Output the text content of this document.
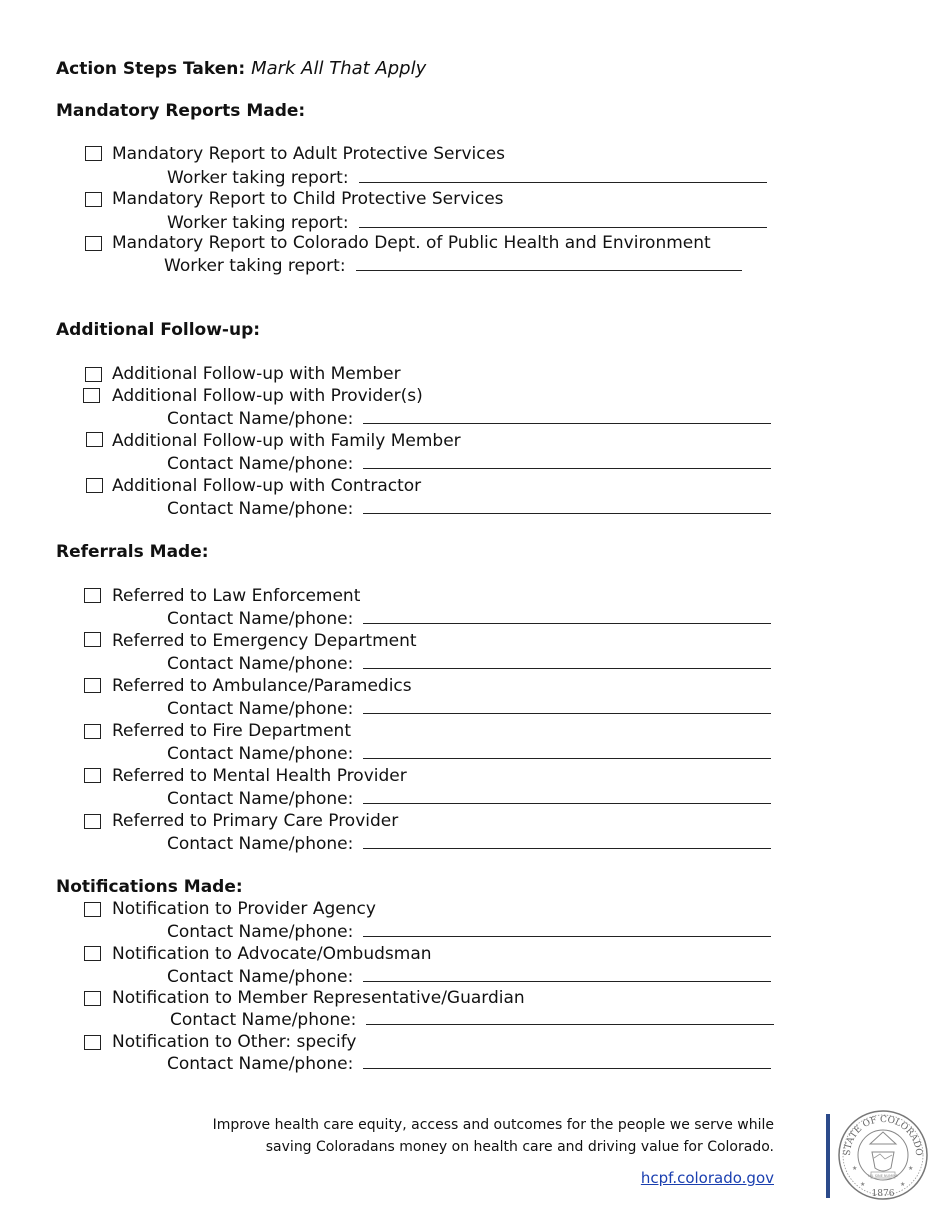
Action Steps Taken: Mark All That Apply
Mandatory Reports Made:
Mandatory Report to Adult Protective Services
Worker taking report:
Mandatory Report to Child Protective Services
Worker taking report:
Mandatory Report to Colorado Dept. of Public Health and Environment
Worker taking report:
Additional Follow-up:
Additional Follow-up with Member
Additional Follow-up with Provider(s)
Contact Name/phone:
Additional Follow-up with Family Member
Contact Name/phone:
Additional Follow-up with Contractor
Contact Name/phone:
Referrals Made:
Referred to Law Enforcement
Contact Name/phone:
Referred to Emergency Department
Contact Name/phone:
Referred to Ambulance/Paramedics
Contact Name/phone:
Referred to Fire Department
Contact Name/phone:
Referred to Mental Health Provider
Contact Name/phone:
Referred to Primary Care Provider
Contact Name/phone:
Notifications Made:
Notification to Provider Agency
Contact Name/phone:
Notification to Advocate/Ombudsman
Contact Name/phone:
Notification to Member Representative/Guardian
Contact Name/phone:
Notification to Other: specify
Contact Name/phone:
Improve health care equity, access and outcomes for the people we serve while
saving Coloradans money on health care and driving value for Colorado.
hcpf.colorado.gov
STATE OF COLORADO
1876
NIL SINE NUMINE
★	★
★	★
